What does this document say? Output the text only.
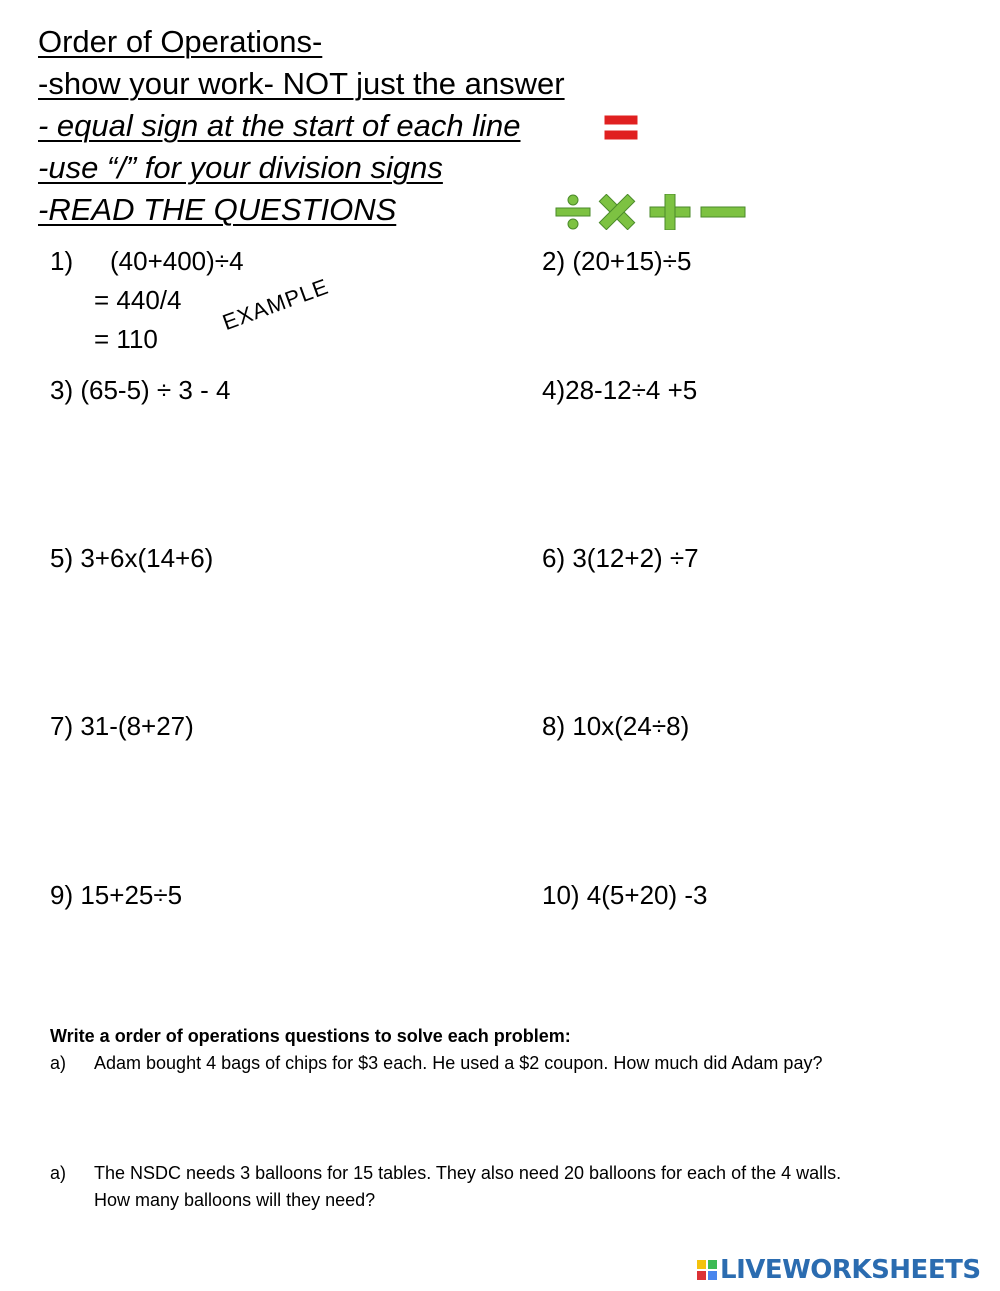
Order of Operations-
-show your work- NOT just the answer
- equal sign at the start of each line
-use “/” for your division signs
-READ THE QUESTIONS
1) (40+400)÷4
= 440/4
= 110
EXAMPLE
2) (20+15)÷5
3) (65-5) ÷ 3 - 4	4)28-12÷4 +5
5) 3+6x(14+6)	6) 3(12+2) ÷7
7) 31-(8+27)	8) 10x(24÷8)
9) 15+25÷5	10) 4(5+20) -3
Write a order of operations questions to solve each problem:
a) Adam bought 4 bags of chips for $3 each. He used a $2 coupon. How much did Adam pay?
a) The NSDC needs 3 balloons for 15 tables. They also need 20 balloons for each of the 4 walls.
How many balloons will they need?
LIVEWORKSHEETS
